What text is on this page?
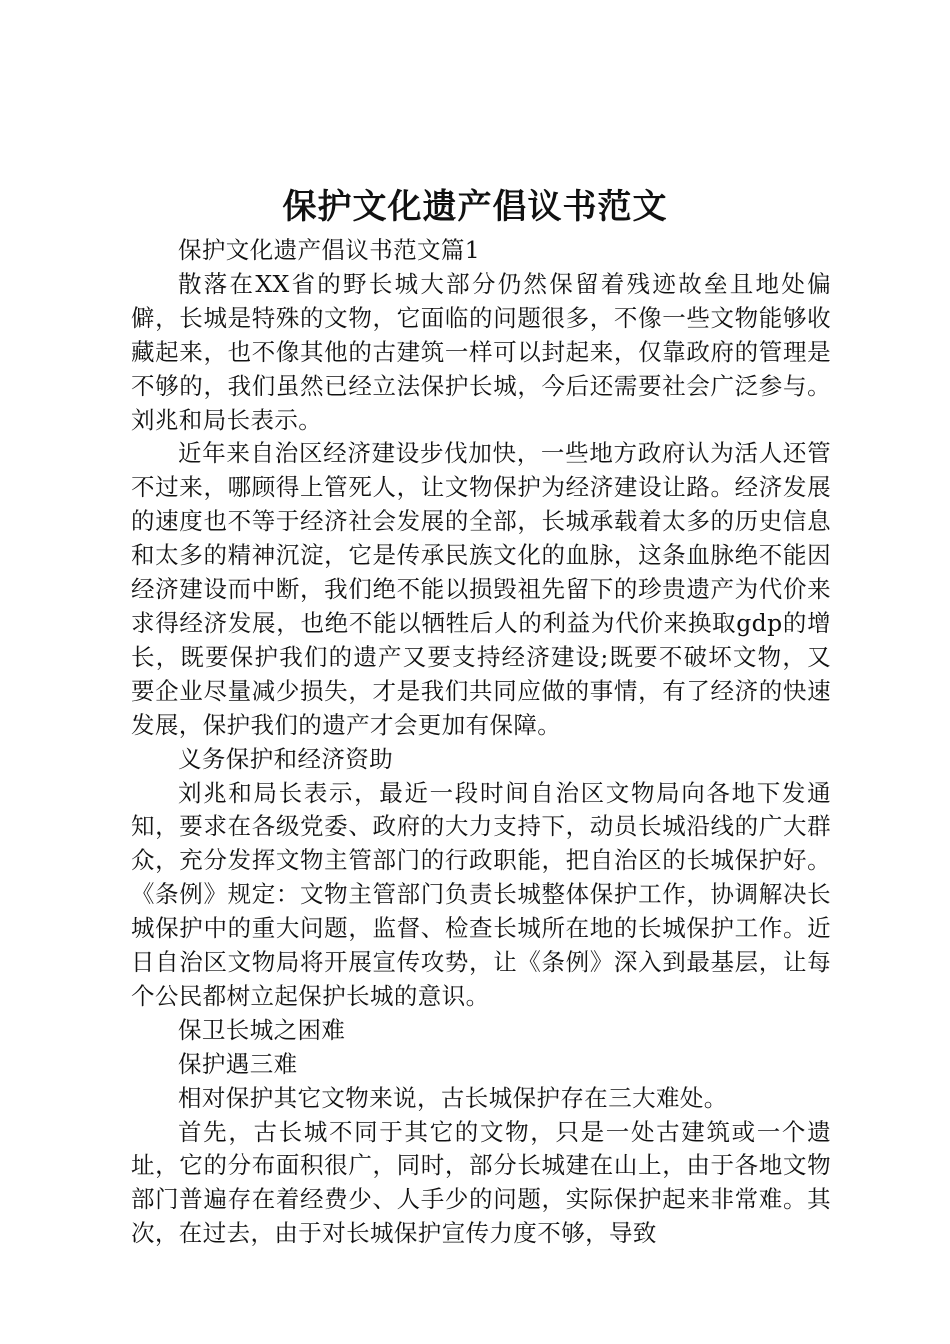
保护文化遗产倡议书范文

保护文化遗产倡议书范文篇1

散落在XX省的野长城大部分仍然保留着残迹故垒且地处偏僻，长城是特殊的文物，它面临的问题很多，不像一些文物能够收藏起来，也不像其他的古建筑一样可以封起来，仅靠政府的管理是不够的，我们虽然已经立法保护长城，今后还需要社会广泛参与。刘兆和局长表示。

近年来自治区经济建设步伐加快，一些地方政府认为活人还管不过来，哪顾得上管死人，让文物保护为经济建设让路。经济发展的速度也不等于经济社会发展的全部，长城承载着太多的历史信息和太多的精神沉淀，它是传承民族文化的血脉，这条血脉绝不能因经济建设而中断，我们绝不能以损毁祖先留下的珍贵遗产为代价来求得经济发展，也绝不能以牺牲后人的利益为代价来换取gdp的增长，既要保护我们的遗产又要支持经济建设;既要不破坏文物，又要企业尽量减少损失，才是我们共同应做的事情，有了经济的快速发展，保护我们的遗产才会更加有保障。

义务保护和经济资助

刘兆和局长表示，最近一段时间自治区文物局向各地下发通知，要求在各级党委、政府的大力支持下，动员长城沿线的广大群众，充分发挥文物主管部门的行政职能，把自治区的长城保护好。《条例》规定：文物主管部门负责长城整体保护工作，协调解决长城保护中的重大问题，监督、检查长城所在地的长城保护工作。近日自治区文物局将开展宣传攻势，让《条例》深入到最基层，让每个公民都树立起保护长城的意识。

保卫长城之困难

保护遇三难

相对保护其它文物来说，古长城保护存在三大难处。

首先，古长城不同于其它的文物，只是一处古建筑或一个遗址，它的分布面积很广，同时，部分长城建在山上，由于各地文物部门普遍存在着经费少、人手少的问题，实际保护起来非常难。其次，在过去，由于对长城保护宣传力度不够，导致
